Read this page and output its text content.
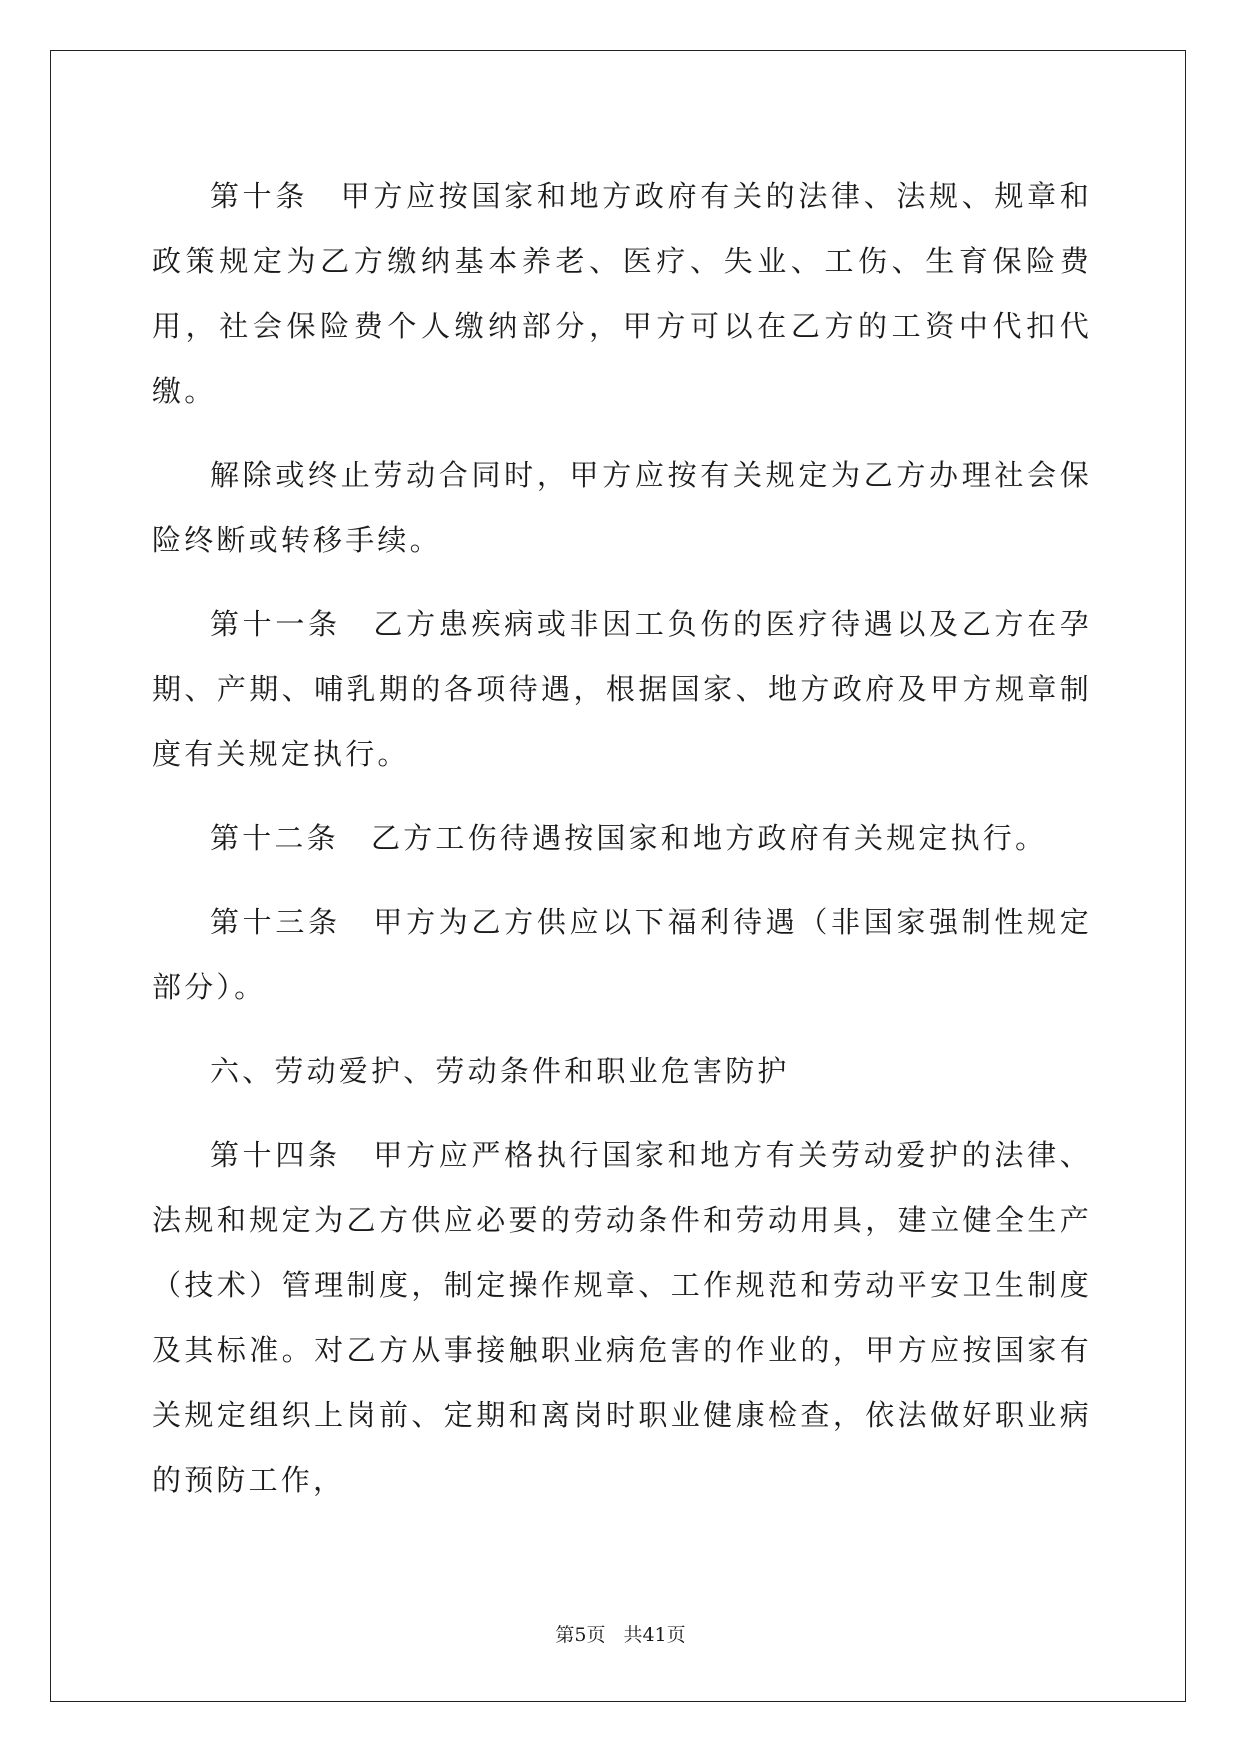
第十条　甲方应按国家和地方政府有关的法律、法规、规章和政策规定为乙方缴纳基本养老、医疗、失业、工伤、生育保险费用，社会保险费个人缴纳部分，甲方可以在乙方的工资中代扣代缴。

解除或终止劳动合同时，甲方应按有关规定为乙方办理社会保险终断或转移手续。

第十一条　乙方患疾病或非因工负伤的医疗待遇以及乙方在孕期、产期、哺乳期的各项待遇，根据国家、地方政府及甲方规章制度有关规定执行。

第十二条　乙方工伤待遇按国家和地方政府有关规定执行。

第十三条　甲方为乙方供应以下福利待遇（非国家强制性规定部分）。

六、劳动爱护、劳动条件和职业危害防护

第十四条　甲方应严格执行国家和地方有关劳动爱护的法律、法规和规定为乙方供应必要的劳动条件和劳动用具，建立健全生产（技术）管理制度，制定操作规章、工作规范和劳动平安卫生制度及其标准。对乙方从事接触职业病危害的作业的，甲方应按国家有关规定组织上岗前、定期和离岗时职业健康检查，依法做好职业病的预防工作，

第5页 共41页
